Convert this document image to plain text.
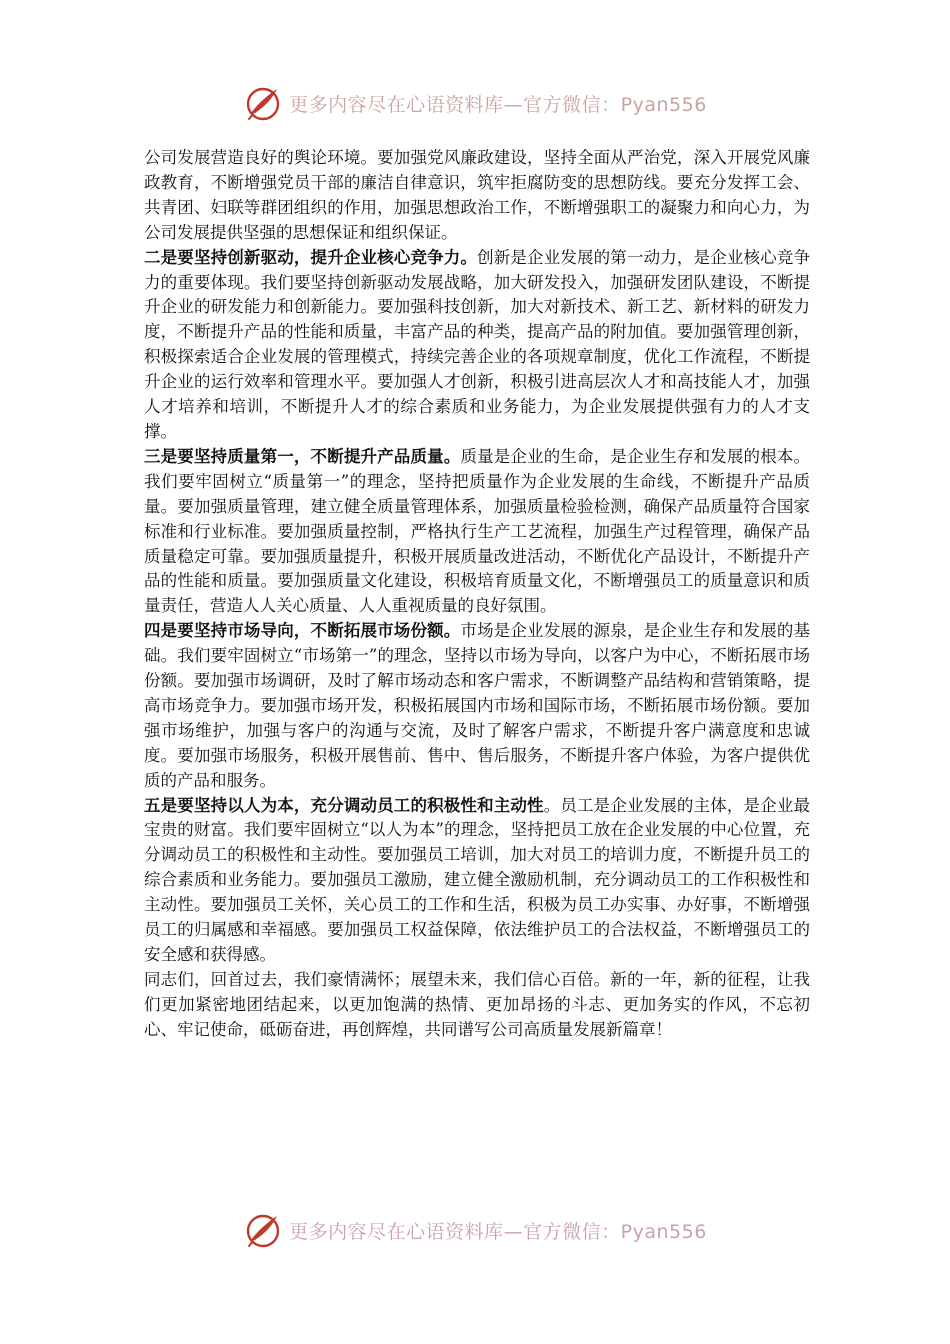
更多内容尽在心语资料库—官方微信：Pyan556

公司发展营造良好的舆论环境。要加强党风廉政建设，坚持全面从严治党，深入开展党风廉政教育，不断增强党员干部的廉洁自律意识，筑牢拒腐防变的思想防线。要充分发挥工会、共青团、妇联等群团组织的作用，加强思想政治工作，不断增强职工的凝聚力和向心力，为公司发展提供坚强的思想保证和组织保证。

二是要坚持创新驱动，提升企业核心竞争力。创新是企业发展的第一动力，是企业核心竞争力的重要体现。我们要坚持创新驱动发展战略，加大研发投入，加强研发团队建设，不断提升企业的研发能力和创新能力。要加强科技创新，加大对新技术、新工艺、新材料的研发力度，不断提升产品的性能和质量，丰富产品的种类，提高产品的附加值。要加强管理创新，积极探索适合企业发展的管理模式，持续完善企业的各项规章制度，优化工作流程，不断提升企业的运行效率和管理水平。要加强人才创新，积极引进高层次人才和高技能人才，加强人才培养和培训，不断提升人才的综合素质和业务能力，为企业发展提供强有力的人才支撑。

三是要坚持质量第一，不断提升产品质量。质量是企业的生命，是企业生存和发展的根本。我们要牢固树立“质量第一”的理念，坚持把质量作为企业发展的生命线，不断提升产品质量。要加强质量管理，建立健全质量管理体系，加强质量检验检测，确保产品质量符合国家标准和行业标准。要加强质量控制，严格执行生产工艺流程，加强生产过程管理，确保产品质量稳定可靠。要加强质量提升，积极开展质量改进活动，不断优化产品设计，不断提升产品的性能和质量。要加强质量文化建设，积极培育质量文化，不断增强员工的质量意识和质量责任，营造人人关心质量、人人重视质量的良好氛围。

四是要坚持市场导向，不断拓展市场份额。市场是企业发展的源泉，是企业生存和发展的基础。我们要牢固树立“市场第一”的理念，坚持以市场为导向，以客户为中心，不断拓展市场份额。要加强市场调研，及时了解市场动态和客户需求，不断调整产品结构和营销策略，提高市场竞争力。要加强市场开发，积极拓展国内市场和国际市场，不断拓展市场份额。要加强市场维护，加强与客户的沟通与交流，及时了解客户需求，不断提升客户满意度和忠诚度。要加强市场服务，积极开展售前、售中、售后服务，不断提升客户体验，为客户提供优质的产品和服务。

五是要坚持以人为本，充分调动员工的积极性和主动性。员工是企业发展的主体，是企业最宝贵的财富。我们要牢固树立“以人为本”的理念，坚持把员工放在企业发展的中心位置，充分调动员工的积极性和主动性。要加强员工培训，加大对员工的培训力度，不断提升员工的综合素质和业务能力。要加强员工激励，建立健全激励机制，充分调动员工的工作积极性和主动性。要加强员工关怀，关心员工的工作和生活，积极为员工办实事、办好事，不断增强员工的归属感和幸福感。要加强员工权益保障，依法维护员工的合法权益，不断增强员工的安全感和获得感。

同志们，回首过去，我们豪情满怀；展望未来，我们信心百倍。新的一年，新的征程，让我们更加紧密地团结起来，以更加饱满的热情、更加昂扬的斗志、更加务实的作风，不忘初心、牢记使命，砥砺奋进，再创辉煌，共同谱写公司高质量发展新篇章！

更多内容尽在心语资料库—官方微信：Pyan556
